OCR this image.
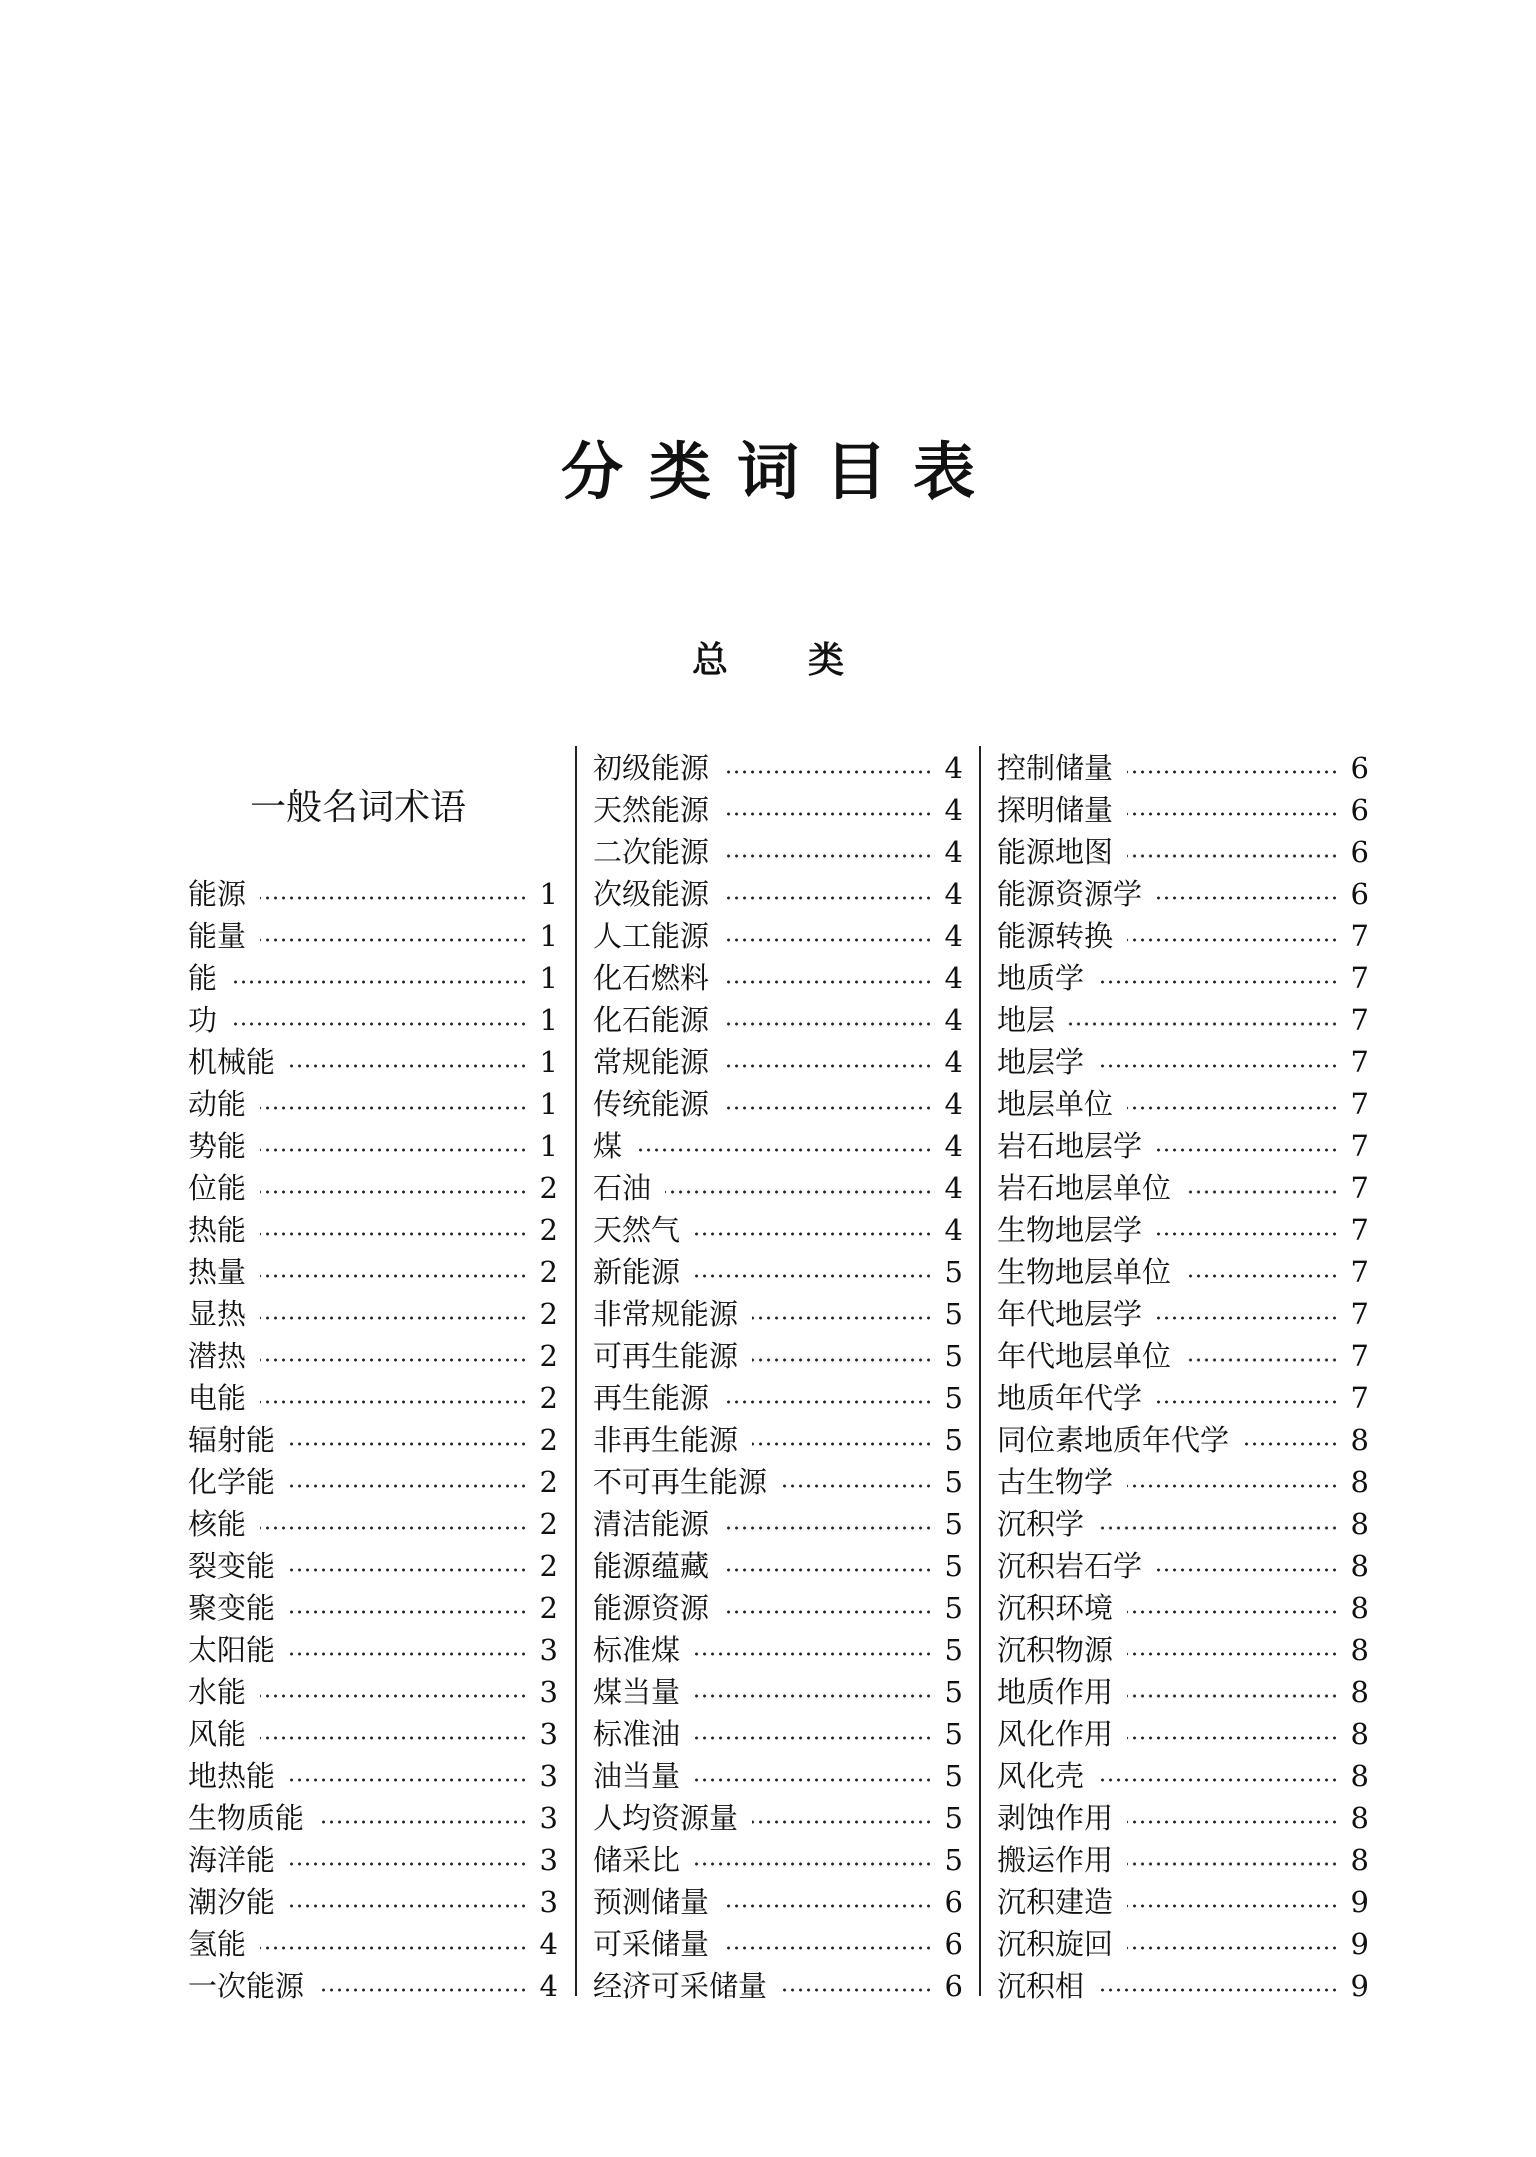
分类词目表
总类
一般名词术语
能源	1
能量	1
能	1
功	1
机械能	1
动能	1
势能	1
位能	2
热能	2
热量	2
显热	2
潜热	2
电能	2
辐射能	2
化学能	2
核能	2
裂变能	2
聚变能	2
太阳能	3
水能	3
风能	3
地热能	3
生物质能	3
海洋能	3
潮汐能	3
氢能	4
一次能源	4
初级能源	4
天然能源	4
二次能源	4
次级能源	4
人工能源	4
化石燃料	4
化石能源	4
常规能源	4
传统能源	4
煤	4
石油	4
天然气	4
新能源	5
非常规能源	5
可再生能源	5
再生能源	5
非再生能源	5
不可再生能源	5
清洁能源	5
能源蕴藏	5
能源资源	5
标准煤	5
煤当量	5
标准油	5
油当量	5
人均资源量	5
储采比	5
预测储量	6
可采储量	6
经济可采储量	6
控制储量	6
探明储量	6
能源地图	6
能源资源学	6
能源转换	7
地质学	7
地层	7
地层学	7
地层单位	7
岩石地层学	7
岩石地层单位	7
生物地层学	7
生物地层单位	7
年代地层学	7
年代地层单位	7
地质年代学	7
同位素地质年代学	8
古生物学	8
沉积学	8
沉积岩石学	8
沉积环境	8
沉积物源	8
地质作用	8
风化作用	8
风化壳	8
剥蚀作用	8
搬运作用	8
沉积建造	9
沉积旋回	9
沉积相	9
